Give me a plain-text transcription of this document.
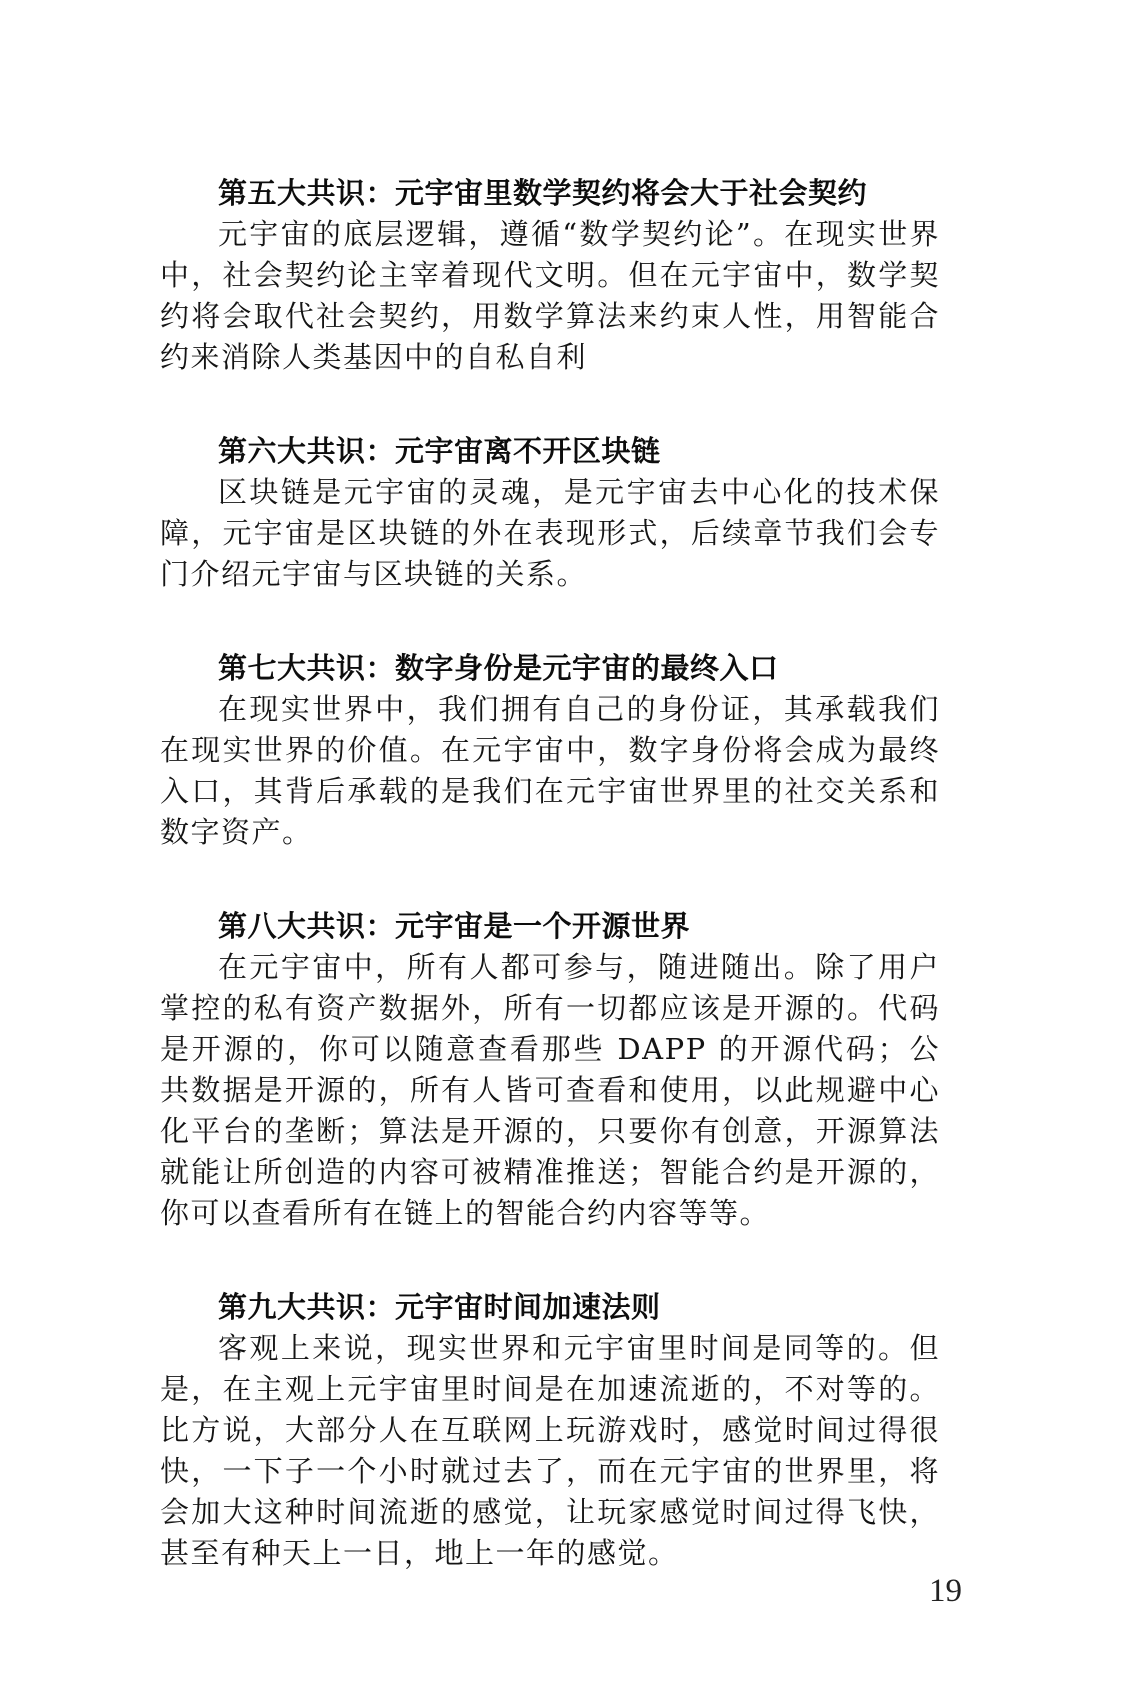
第五大共识：元宇宙里数学契约将会大于社会契约

元宇宙的底层逻辑，遵循“数学契约论”。在现实世界中，社会契约论主宰着现代文明。但在元宇宙中，数学契约将会取代社会契约，用数学算法来约束人性，用智能合约来消除人类基因中的自私自利

第六大共识：元宇宙离不开区块链

区块链是元宇宙的灵魂，是元宇宙去中心化的技术保障，元宇宙是区块链的外在表现形式，后续章节我们会专门介绍元宇宙与区块链的关系。

第七大共识：数字身份是元宇宙的最终入口

在现实世界中，我们拥有自己的身份证，其承载我们在现实世界的价值。在元宇宙中，数字身份将会成为最终入口，其背后承载的是我们在元宇宙世界里的社交关系和数字资产。

第八大共识：元宇宙是一个开源世界

在元宇宙中，所有人都可参与，随进随出。除了用户掌控的私有资产数据外，所有一切都应该是开源的。代码是开源的，你可以随意查看那些 DAPP 的开源代码；公共数据是开源的，所有人皆可查看和使用，以此规避中心化平台的垄断；算法是开源的，只要你有创意，开源算法就能让所创造的内容可被精准推送；智能合约是开源的，你可以查看所有在链上的智能合约内容等等。

第九大共识：元宇宙时间加速法则

客观上来说，现实世界和元宇宙里时间是同等的。但是，在主观上元宇宙里时间是在加速流逝的，不对等的。比方说，大部分人在互联网上玩游戏时，感觉时间过得很快，一下子一个小时就过去了，而在元宇宙的世界里，将会加大这种时间流逝的感觉，让玩家感觉时间过得飞快，甚至有种天上一日，地上一年的感觉。

19
